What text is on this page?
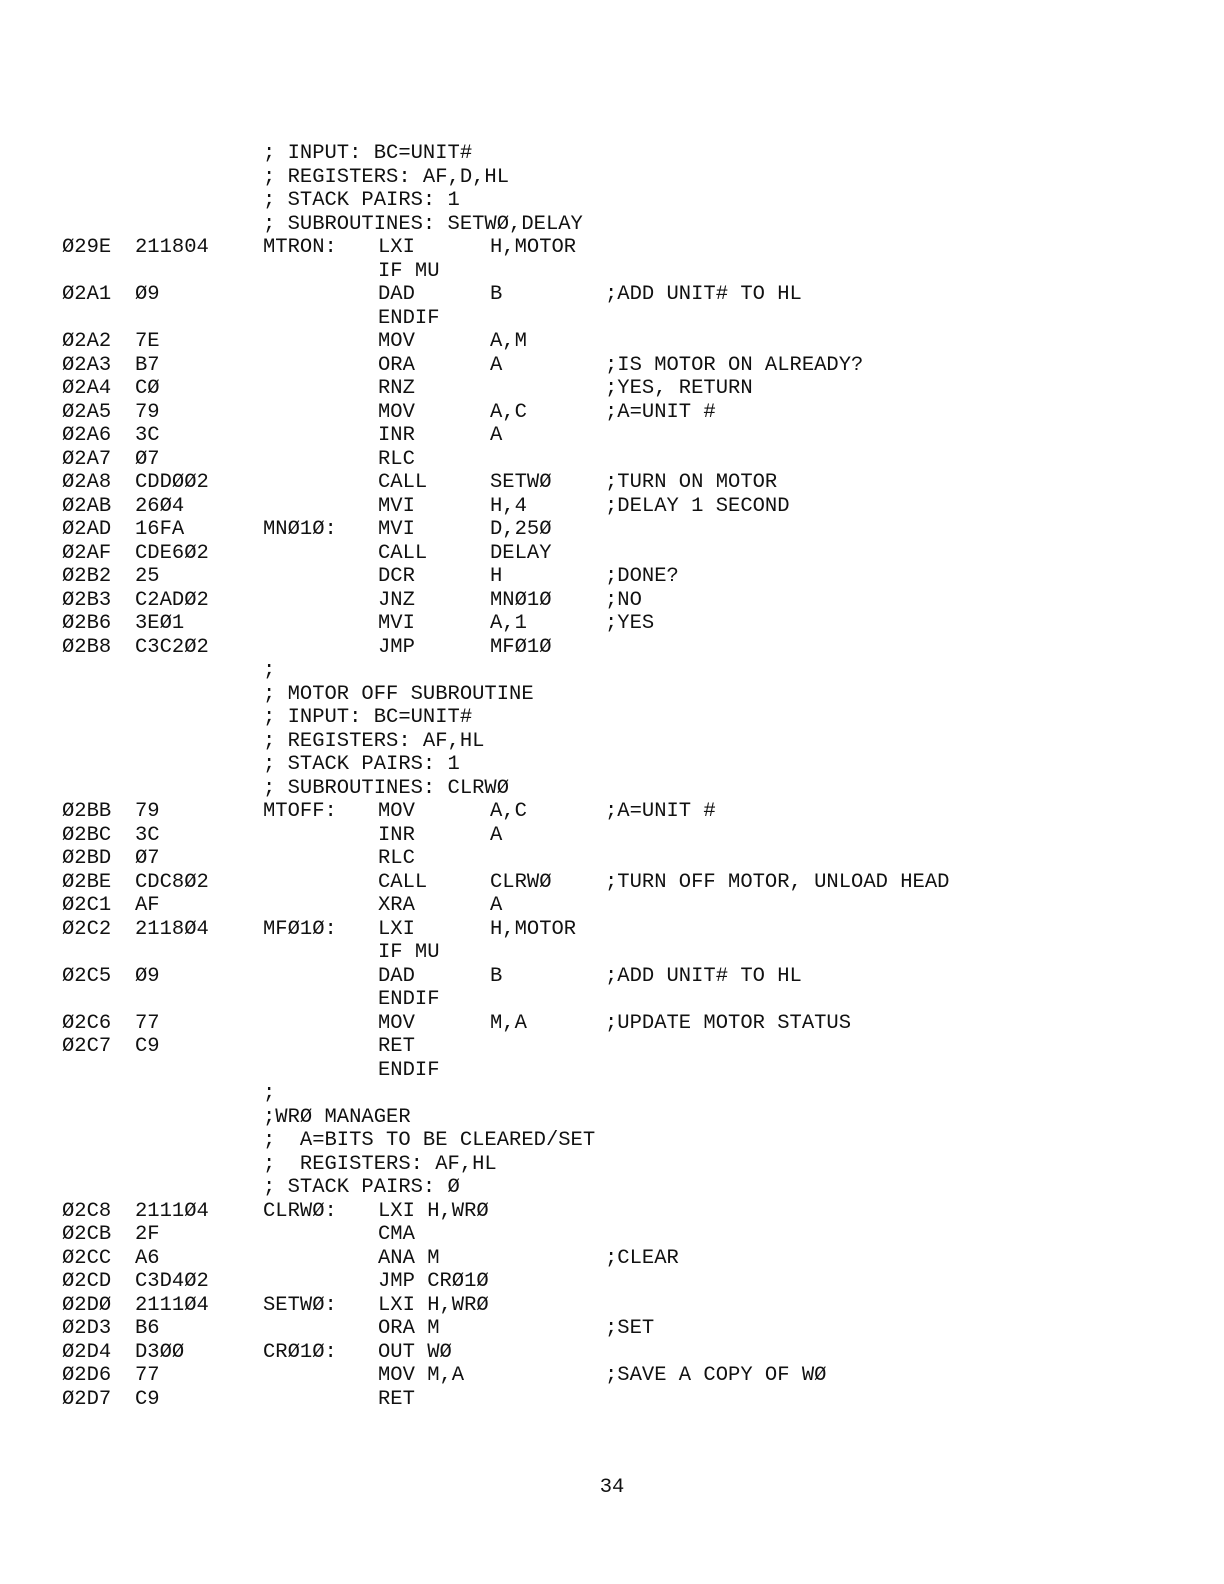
; INPUT: BC=UNIT#
; REGISTERS: AF,D,HL
; STACK PAIRS: 1
; SUBROUTINES: SETWØ,DELAY
Ø29E 211804	MTRON: LXI	H,MOTOR
IF MU
Ø2A1 Ø9	DAD	B	;ADD UNIT# TO HL
ENDIF
Ø2A2 7E	MOV	A,M
Ø2A3 B7	ORA	A	;IS MOTOR ON ALREADY?
Ø2A4 CØ	RNZ	;YES, RETURN
Ø2A5 79	MOV	A,C	;A=UNIT #
Ø2A6 3C	INR	A
Ø2A7 Ø7	RLC
Ø2A8 CDDØØ2	CALL	SETWØ	;TURN ON MOTOR
Ø2AB 26Ø4	MVI	H,4	;DELAY 1 SECOND
Ø2AD 16FA	MNØ1Ø: MVI	D,25Ø
Ø2AF CDE6Ø2	CALL	DELAY
Ø2B2 25	DCR	H	;DONE?
Ø2B3 C2ADØ2	JNZ	MNØ1Ø	;NO
Ø2B6 3EØ1	MVI	A,1	;YES
Ø2B8 C3C2Ø2	JMP	MFØ1Ø
;
; MOTOR OFF SUBROUTINE
; INPUT: BC=UNIT#
; REGISTERS: AF,HL
; STACK PAIRS: 1
; SUBROUTINES: CLRWØ
Ø2BB 79	MTOFF: MOV	A,C	;A=UNIT #
Ø2BC 3C	INR	A
Ø2BD Ø7	RLC
Ø2BE CDC8Ø2	CALL	CLRWØ	;TURN OFF MOTOR, UNLOAD HEAD
Ø2C1 AF	XRA	A
Ø2C2 2118Ø4	MFØ1Ø: LXI	H,MOTOR
IF MU
Ø2C5 Ø9	DAD	B	;ADD UNIT# TO HL
ENDIF
Ø2C6 77	MOV	M,A	;UPDATE MOTOR STATUS
Ø2C7 C9	RET
ENDIF
;
;WRØ MANAGER
;  A=BITS TO BE CLEARED/SET
;  REGISTERS: AF,HL
; STACK PAIRS: Ø
Ø2C8 2111Ø4	CLRWØ: LXI H,WRØ
Ø2CB 2F	CMA
Ø2CC A6	ANA M	;CLEAR
Ø2CD C3D4Ø2	JMP CRØ1Ø
Ø2DØ 2111Ø4	SETWØ: LXI H,WRØ
Ø2D3 B6	ORA M	;SET
Ø2D4 D3ØØ	CRØ1Ø: OUT WØ
Ø2D6 77	MOV M,A	;SAVE A COPY OF WØ
Ø2D7 C9	RET
34
